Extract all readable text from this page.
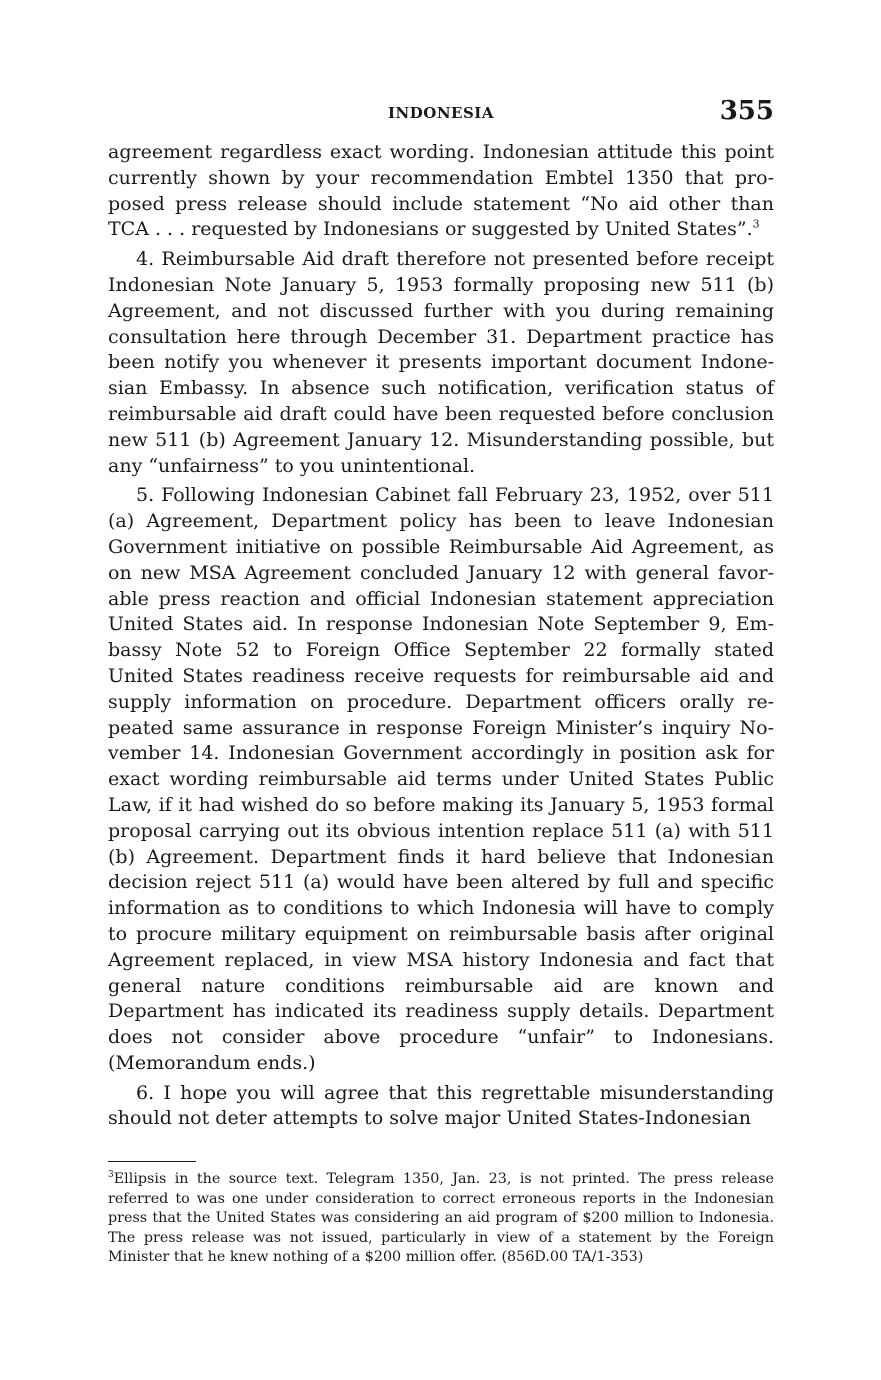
INDONESIA	355

agreement regardless exact wording. Indonesian attitude this point currently shown by your recommendation Embtel 1350 that proposed press release should include statement “No aid other than TCA . . . requested by Indonesians or suggested by United States”.$^3$

4. Reimbursable Aid draft therefore not presented before receipt Indonesian Note January 5, 1953 formally proposing new 511 (b) Agreement, and not discussed further with you during remaining consultation here through December 31. Department practice has been notify you whenever it presents important document Indonesian Embassy. In absence such notification, verification status of reimbursable aid draft could have been requested before conclusion new 511 (b) Agreement January 12. Misunderstanding possible, but any “unfairness” to you unintentional.

5. Following Indonesian Cabinet fall February 23, 1952, over 511 (a) Agreement, Department policy has been to leave Indonesian Government initiative on possible Reimbursable Aid Agreement, as on new MSA Agreement concluded January 12 with general favorable press reaction and official Indonesian statement appreciation United States aid. In response Indonesian Note September 9, Embassy Note 52 to Foreign Office September 22 formally stated United States readiness receive requests for reimbursable aid and supply information on procedure. Department officers orally repeated same assurance in response Foreign Minister’s inquiry November 14. Indonesian Government accordingly in position ask for exact wording reimbursable aid terms under United States Public Law, if it had wished do so before making its January 5, 1953 formal proposal carrying out its obvious intention replace 511 (a) with 511 (b) Agreement. Department finds it hard believe that Indonesian decision reject 511 (a) would have been altered by full and specific information as to conditions to which Indonesia will have to comply to procure military equipment on reimbursable basis after original Agreement replaced, in view MSA history Indonesia and fact that general nature conditions reimbursable aid are known and Department has indicated its readiness supply details. Department does not consider above procedure “unfair” to Indonesians. (Memorandum ends.)

6. I hope you will agree that this regrettable misunderstanding should not deter attempts to solve major United States-Indonesian

$^3$Ellipsis in the source text. Telegram 1350, Jan. 23, is not printed. The press release referred to was one under consideration to correct erroneous reports in the Indonesian press that the United States was considering an aid program of $200 million to Indonesia. The press release was not issued, particularly in view of a statement by the Foreign Minister that he knew nothing of a $200 million offer. (856D.00 TA/1-353)
